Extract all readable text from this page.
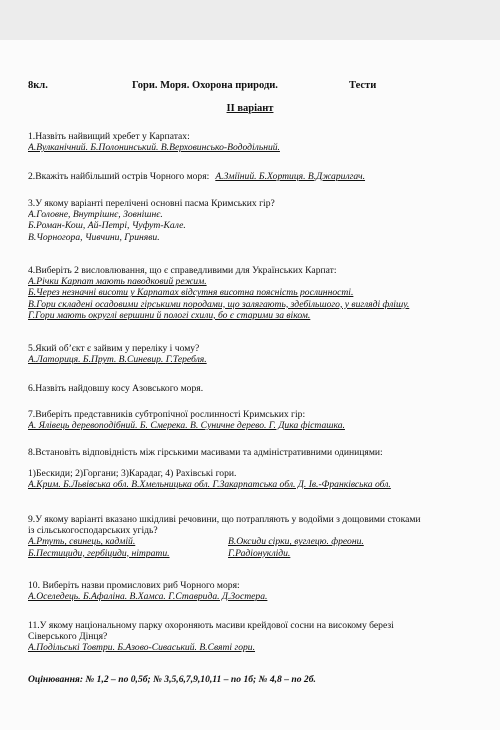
8кл.	Гори. Моря. Охорона природи.	Тести
ІІ варіант
1.Назвіть найвищий хребет у Карпатах:
А.Вулканічний. Б.Полонинський. В.Верховинсько-Вододільний.
2.Вкажіть найбільший острів Чорного моря: А.Зміїний. Б.Хортиця. В.Джарилгач.
3.У якому варіанті перелічені основні пасма Кримських гір?
А.Головне, Внутрішнє, Зовнішнє.
Б.Роман-Кош, Ай-Петрі, Чуфут-Кале.
В.Чорногора, Чивчини, Гриняви.
4.Виберіть 2 висловлювання, що є справедливими для Українських Карпат:
А.Річки Карпат мають паводковий режим.
Б.Через незначні висоти у Карпатах відсутня висотна поясність рослинності.
В.Гори складені осадовими гірськими породами, що залягають, здебільшого, у вигляді флішу.
Г.Гори мають округлі вершини й пологі схили, бо є старими за віком.
5.Який об’єкт є зайвим у переліку і чому?
А.Латориця. Б.Прут. В.Синевир. Г.Теребля.
6.Назвіть найдовшу косу Азовського моря.
7.Виберіть представників субтропічної рослинності Кримських гір:
А. Ялівець деревоподібний. Б. Смерека. В. Суничне дерево. Г. Дика фісташка.
8.Встановіть відповідність між гірськими масивами та адміністративними одиницями:
1)Бескиди; 2)Горгани; 3)Карадаг, 4) Рахівські гори.
А.Крим. Б.Львівська обл. В.Хмельницька обл. Г.Закарпатська обл. Д. Ів.-Франківська обл.
9.У якому варіанті вказано шкідливі речовини, що потрапляють у водойми з дощовими стоками
із сільськогосподарських угідь?
А.Ртуть, свинець, кадмій.	В.Оксиди сірки, вуглецю. фреони.
Б.Пестициди, гербіциди, нітрати.	Г.Радіонукліди.
10. Виберіть назви промислових риб Чорного моря:
А.Оселедець. Б.Афаліна. В.Хамса. Г.Ставрида. Д.Зостера.
11.У якому національному парку охороняють масиви крейдової сосни на високому березі
Сіверського Дінця?
А.Подільські Товтри. Б.Азово-Сиваський. В.Святі гори.
Оцінювання: № 1,2 – по 0,5б; № 3,5,6,7,9,10,11 – по 1б; № 4,8 – по 2б.
